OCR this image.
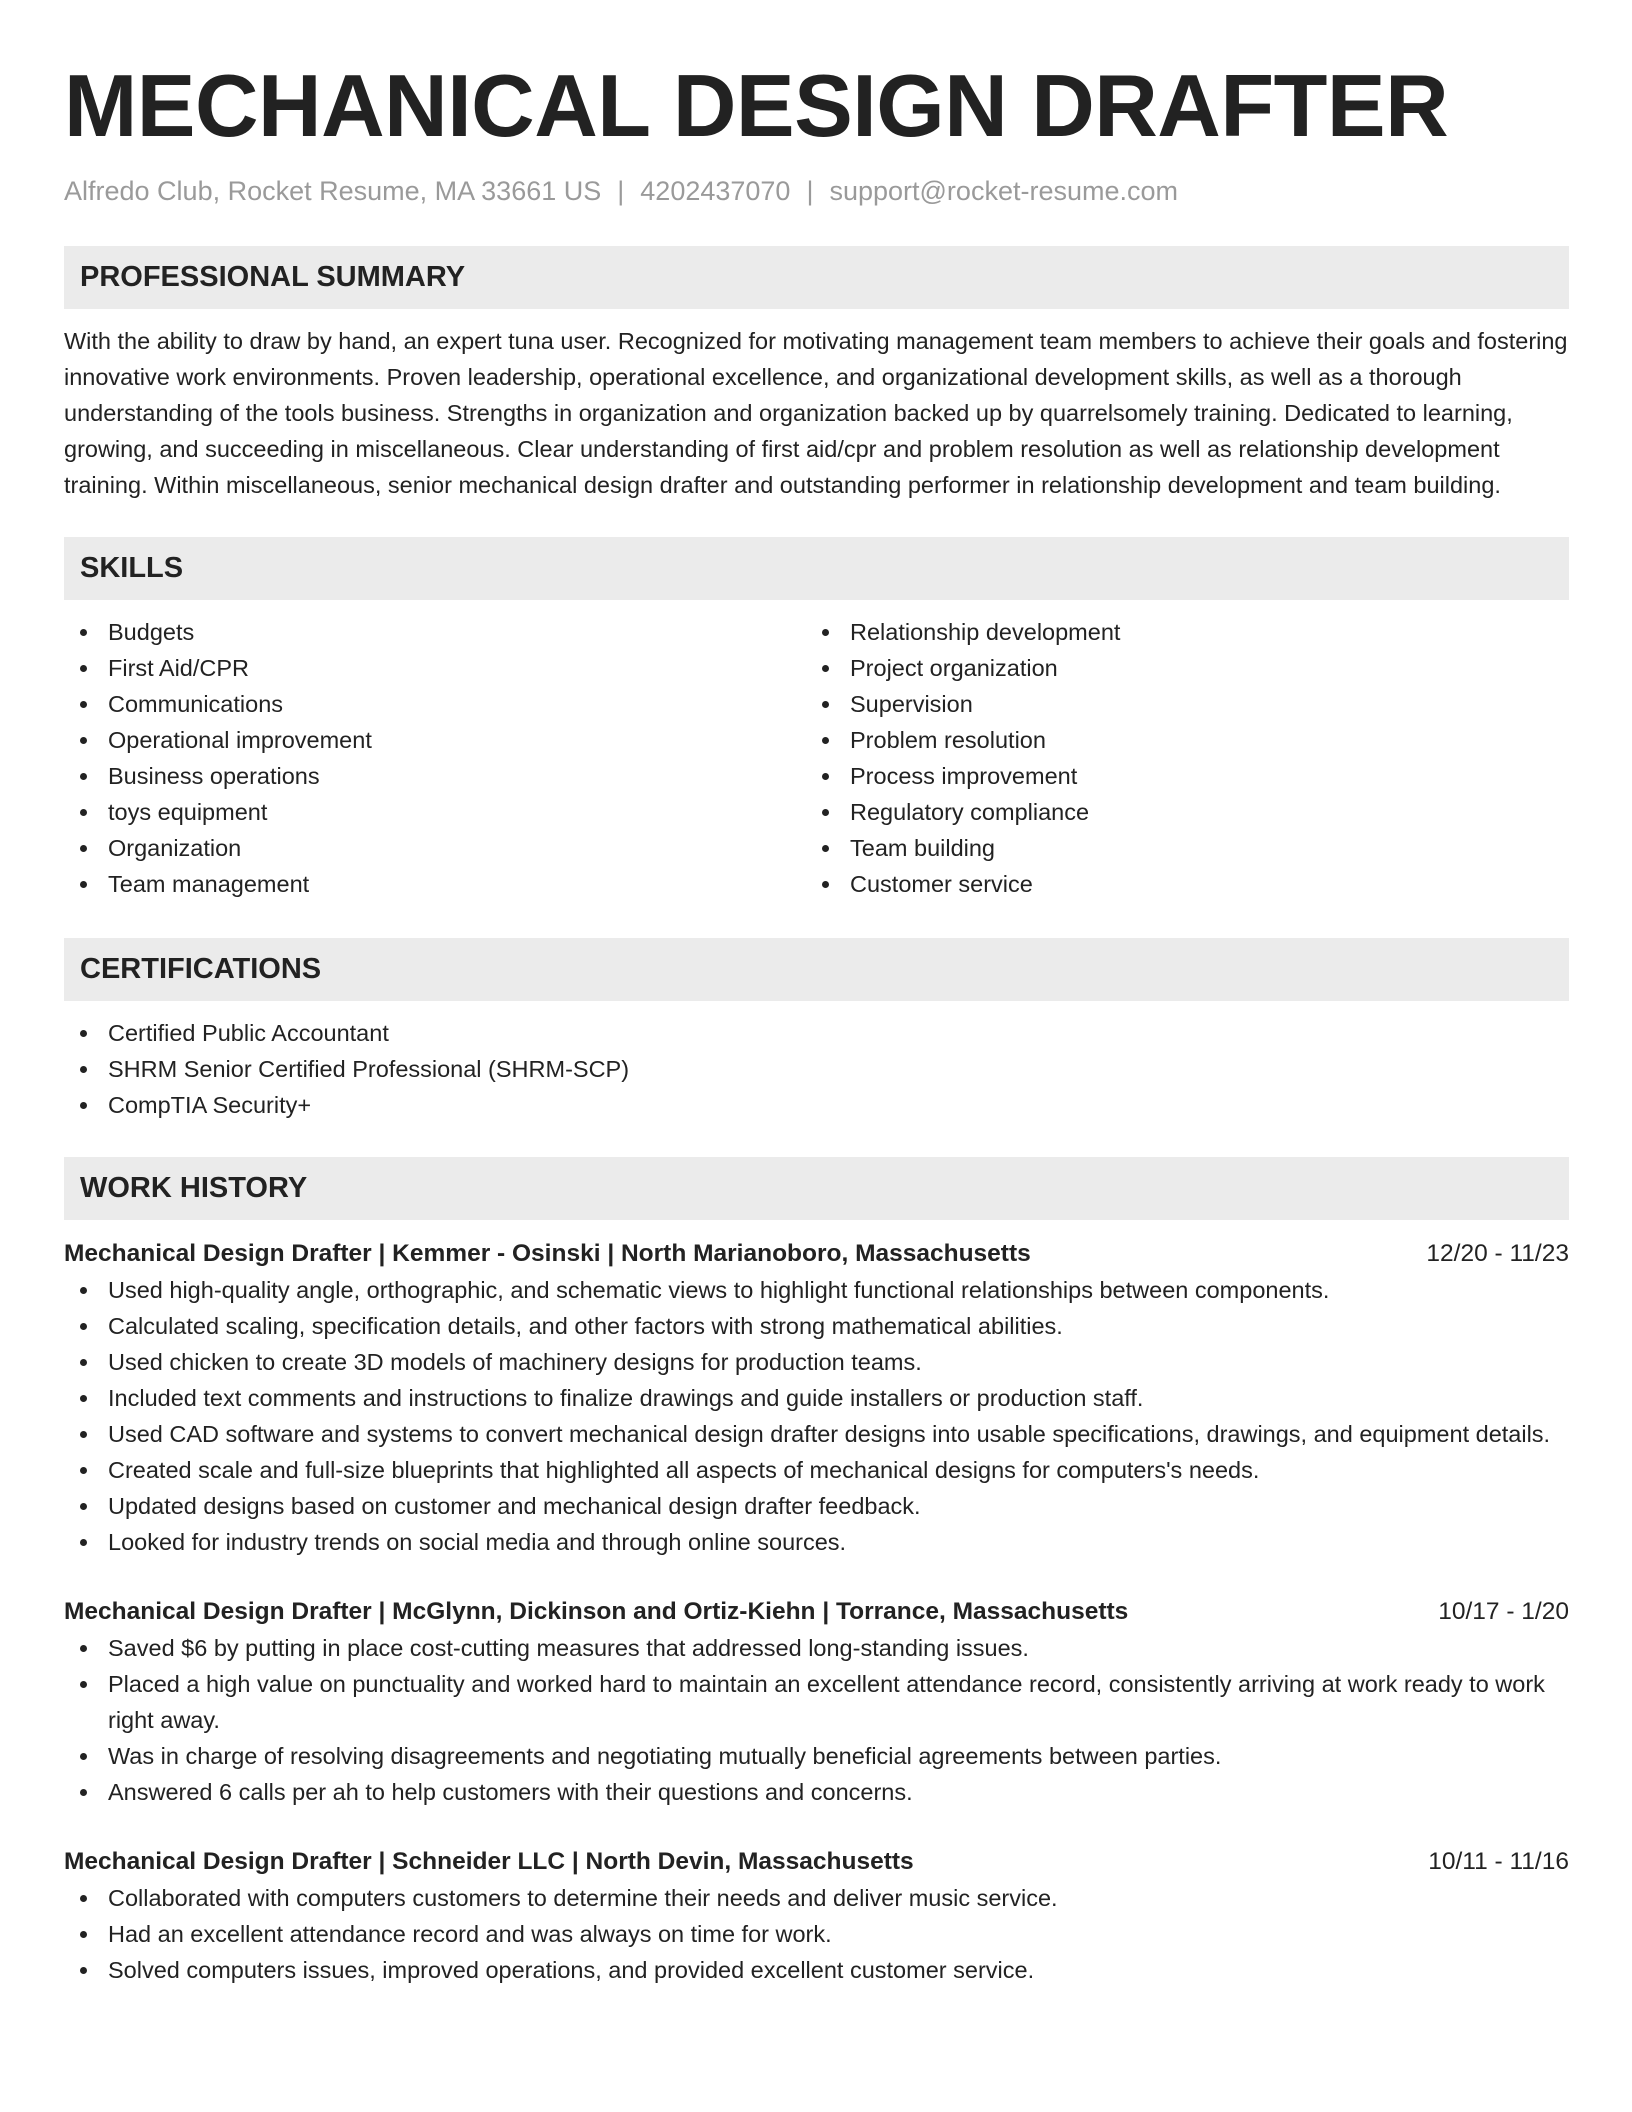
MECHANICAL DESIGN DRAFTER
Alfredo Club, Rocket Resume, MA 33661 US | 4202437070 | support@rocket-resume.com
PROFESSIONAL SUMMARY

With the ability to draw by hand, an expert tuna user. Recognized for motivating management team members to achieve their goals and fostering innovative work environments. Proven leadership, operational excellence, and organizational development skills, as well as a thorough understanding of the tools business. Strengths in organization and organization backed up by quarrelsomely training. Dedicated to learning, growing, and succeeding in miscellaneous. Clear understanding of first aid/cpr and problem resolution as well as relationship development training. Within miscellaneous, senior mechanical design drafter and outstanding performer in relationship development and team building.

SKILLS
Budgets
First Aid/CPR
Communications
Operational improvement
Business operations
toys equipment
Organization
Team management
Relationship development
Project organization
Supervision
Problem resolution
Process improvement
Regulatory compliance
Team building
Customer service
CERTIFICATIONS
Certified Public Accountant
SHRM Senior Certified Professional (SHRM-SCP)
CompTIA Security+
WORK HISTORY
Mechanical Design Drafter | Kemmer - Osinski | North Marianoboro, Massachusetts	12/20 - 11/23
Used high-quality angle, orthographic, and schematic views to highlight functional relationships between components.
Calculated scaling, specification details, and other factors with strong mathematical abilities.
Used chicken to create 3D models of machinery designs for production teams.
Included text comments and instructions to finalize drawings and guide installers or production staff.
Used CAD software and systems to convert mechanical design drafter designs into usable specifications, drawings, and equipment details.
Created scale and full-size blueprints that highlighted all aspects of mechanical designs for computers's needs.
Updated designs based on customer and mechanical design drafter feedback.
Looked for industry trends on social media and through online sources.
Mechanical Design Drafter | McGlynn, Dickinson and Ortiz-Kiehn | Torrance, Massachusetts	10/17 - 1/20
Saved $6 by putting in place cost-cutting measures that addressed long-standing issues.
Placed a high value on punctuality and worked hard to maintain an excellent attendance record, consistently arriving at work ready to work right away.
Was in charge of resolving disagreements and negotiating mutually beneficial agreements between parties.
Answered 6 calls per ah to help customers with their questions and concerns.
Mechanical Design Drafter | Schneider LLC | North Devin, Massachusetts	10/11 - 11/16
Collaborated with computers customers to determine their needs and deliver music service.
Had an excellent attendance record and was always on time for work.
Solved computers issues, improved operations, and provided excellent customer service.
